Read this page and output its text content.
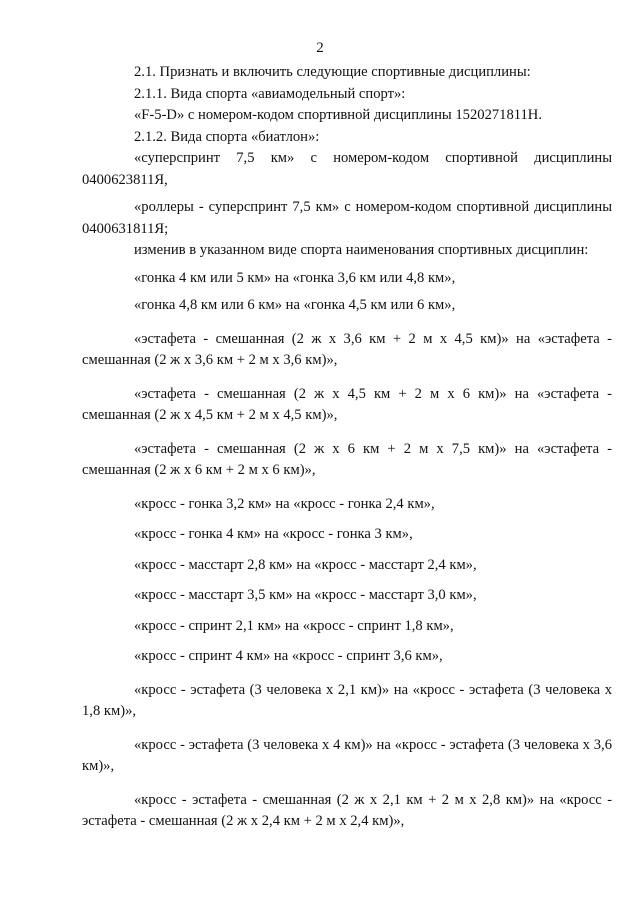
2

2.1. Признать и включить следующие спортивные дисциплины:

2.1.1. Вида спорта «авиамодельный спорт»:

«F-5-D» с номером-кодом спортивной дисциплины 1520271811Н.

2.1.2. Вида спорта «биатлон»:

«суперспринт 7,5 км» с номером-кодом спортивной дисциплины 0400623811Я,

«роллеры - суперспринт 7,5 км» с номером-кодом спортивной дисциплины 0400631811Я;

изменив в указанном виде спорта наименования спортивных дисциплин:

«гонка 4 км или 5 км» на «гонка 3,6 км или 4,8 км»,

«гонка 4,8 км или 6 км» на «гонка 4,5 км или 6 км»,

«эстафета - смешанная (2 ж х 3,6 км + 2 м х 4,5 км)» на «эстафета - смешанная (2 ж х 3,6 км + 2 м х 3,6 км)»,

«эстафета - смешанная (2 ж х 4,5 км + 2 м х 6 км)» на «эстафета - смешанная (2 ж х 4,5 км + 2 м х 4,5 км)»,

«эстафета - смешанная (2 ж х 6 км + 2 м х 7,5 км)» на «эстафета - смешанная (2 ж х 6 км + 2 м х 6 км)»,

«кросс - гонка 3,2 км» на «кросс - гонка 2,4 км»,

«кросс - гонка 4 км» на «кросс - гонка 3 км»,

«кросс - масстарт 2,8 км» на «кросс - масстарт 2,4 км»,

«кросс - масстарт 3,5 км» на «кросс - масстарт 3,0 км»,

«кросс - спринт 2,1 км» на «кросс - спринт 1,8 км»,

«кросс - спринт 4 км» на «кросс - спринт 3,6 км»,

«кросс - эстафета (3 человека х 2,1 км)» на «кросс - эстафета (3 человека х 1,8 км)»,

«кросс - эстафета (3 человека х 4 км)» на «кросс - эстафета (3 человека х 3,6 км)»,

«кросс - эстафета - смешанная (2 ж х 2,1 км + 2 м х 2,8 км)» на «кросс - эстафета - смешанная (2 ж х 2,4 км + 2 м х 2,4 км)»,
